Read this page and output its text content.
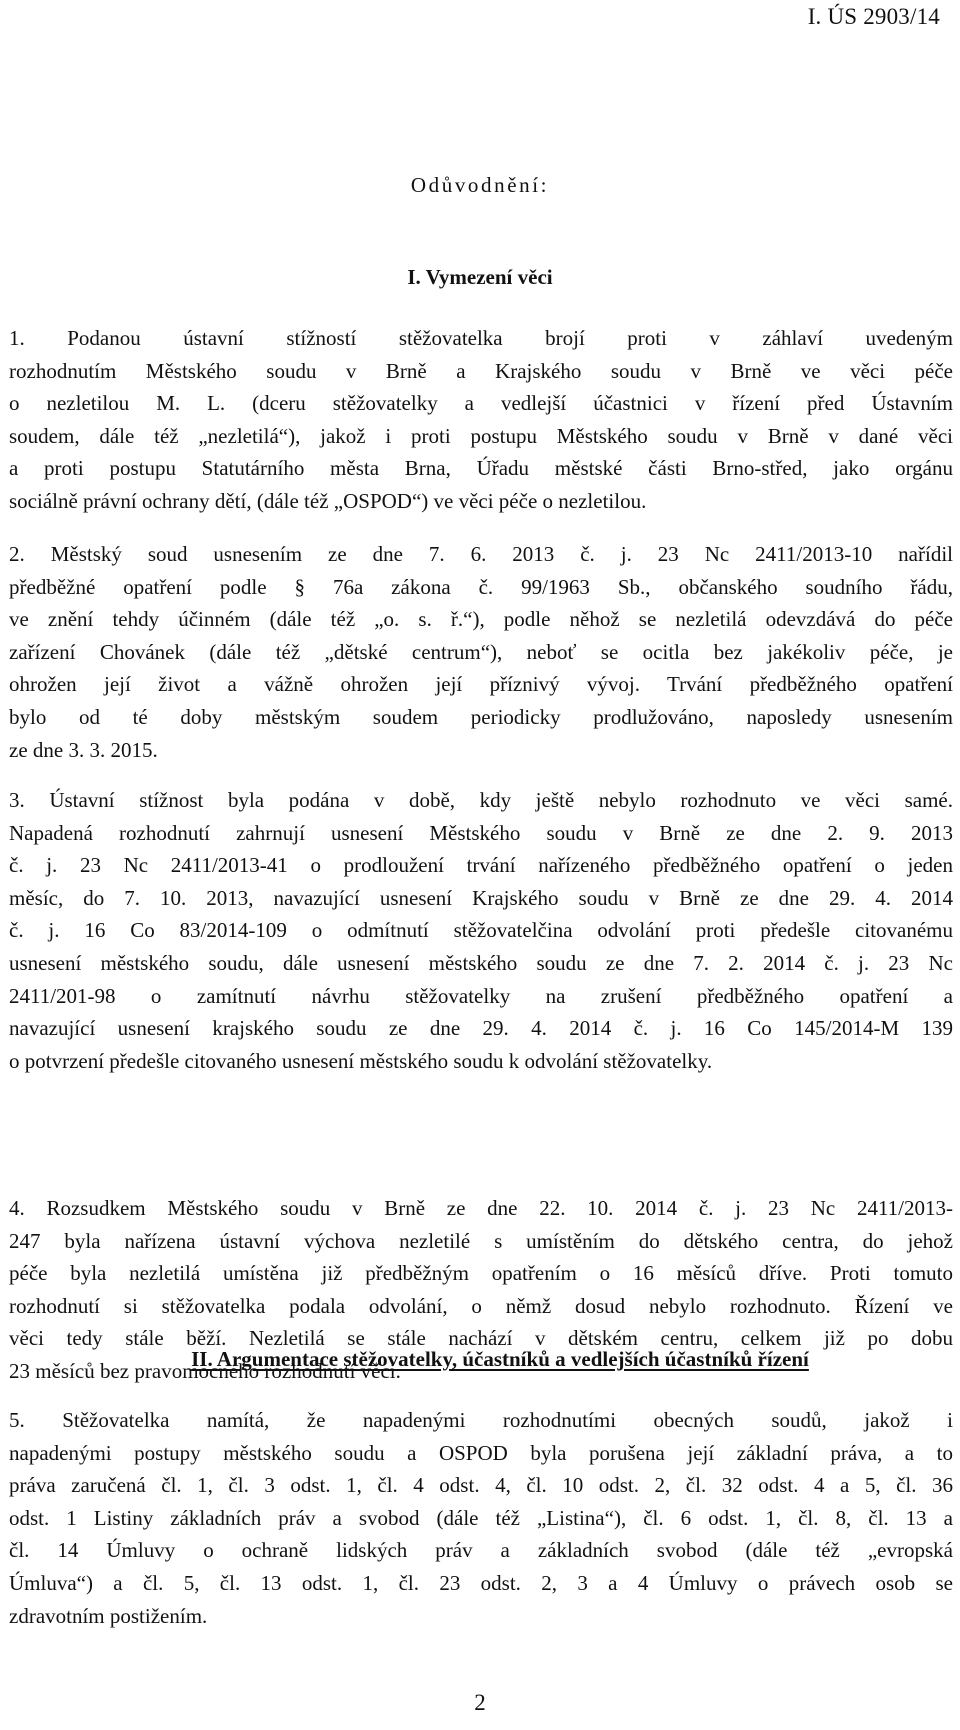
I. ÚS 2903/14
Odůvodnění:
I. Vymezení věci
1. Podanou ústavní stížností stěžovatelka brojí proti v záhlaví uvedeným
rozhodnutím Městského soudu v Brně a Krajského soudu v Brně ve věci péče
o nezletilou M. L. (dceru stěžovatelky a vedlejší účastnici v řízení před Ústavním
soudem, dále též „nezletilá“), jakož i proti postupu Městského soudu v Brně v dané věci
a proti postupu Statutárního města Brna, Úřadu městské části Brno-střed, jako orgánu
sociálně právní ochrany dětí, (dále též „OSPOD“) ve věci péče o nezletilou.
2. Městský soud usnesením ze dne 7. 6. 2013 č. j. 23 Nc 2411/2013-10 nařídil
předběžné opatření podle § 76a zákona č. 99/1963 Sb., občanského soudního řádu,
ve znění tehdy účinném (dále též „o. s. ř.“), podle něhož se nezletilá odevzdává do péče
zařízení Chovánek (dále též „dětské centrum“), neboť se ocitla bez jakékoliv péče, je
ohrožen její život a vážně ohrožen její příznivý vývoj. Trvání předběžného opatření
bylo od té doby městským soudem periodicky prodlužováno, naposledy usnesením
ze dne 3. 3. 2015.
3. Ústavní stížnost byla podána v době, kdy ještě nebylo rozhodnuto ve věci samé.
Napadená rozhodnutí zahrnují usnesení Městského soudu v Brně ze dne 2. 9. 2013
č. j. 23 Nc 2411/2013-41 o prodloužení trvání nařízeného předběžného opatření o jeden
měsíc, do 7. 10. 2013, navazující usnesení Krajského soudu v Brně ze dne 29. 4. 2014
č. j. 16 Co 83/2014-109 o odmítnutí stěžovatelčina odvolání proti předešle citovanému
usnesení městského soudu, dále usnesení městského soudu ze dne 7. 2. 2014 č. j. 23 Nc
2411/201-98 o zamítnutí návrhu stěžovatelky na zrušení předběžného opatření a
navazující usnesení krajského soudu ze dne 29. 4. 2014 č. j. 16 Co 145/2014-M 139
o potvrzení předešle citovaného usnesení městského soudu k odvolání stěžovatelky.
4. Rozsudkem Městského soudu v Brně ze dne 22. 10. 2014 č. j. 23 Nc 2411/2013-
247 byla nařízena ústavní výchova nezletilé s umístěním do dětského centra, do jehož
péče byla nezletilá umístěna již předběžným opatřením o 16 měsíců dříve. Proti tomuto
rozhodnutí si stěžovatelka podala odvolání, o němž dosud nebylo rozhodnuto. Řízení ve
věci tedy stále běží. Nezletilá se stále nachází v dětském centru, celkem již po dobu
23 měsíců bez pravomocného rozhodnutí věci.
II. Argumentace stěžovatelky, účastníků a vedlejších účastníků řízení
5. Stěžovatelka namítá, že napadenými rozhodnutími obecných soudů, jakož i
napadenými postupy městského soudu a OSPOD byla porušena její základní práva, a to
práva zaručená čl. 1, čl. 3 odst. 1, čl. 4 odst. 4, čl. 10 odst. 2, čl. 32 odst. 4 a 5, čl. 36
odst. 1 Listiny základních práv a svobod (dále též „Listina“), čl. 6 odst. 1, čl. 8, čl. 13 a
čl. 14 Úmluvy o ochraně lidských práv a základních svobod (dále též „evropská
Úmluva“) a čl. 5, čl. 13 odst. 1, čl. 23 odst. 2, 3 a 4 Úmluvy o právech osob se
zdravotním postižením.
2
